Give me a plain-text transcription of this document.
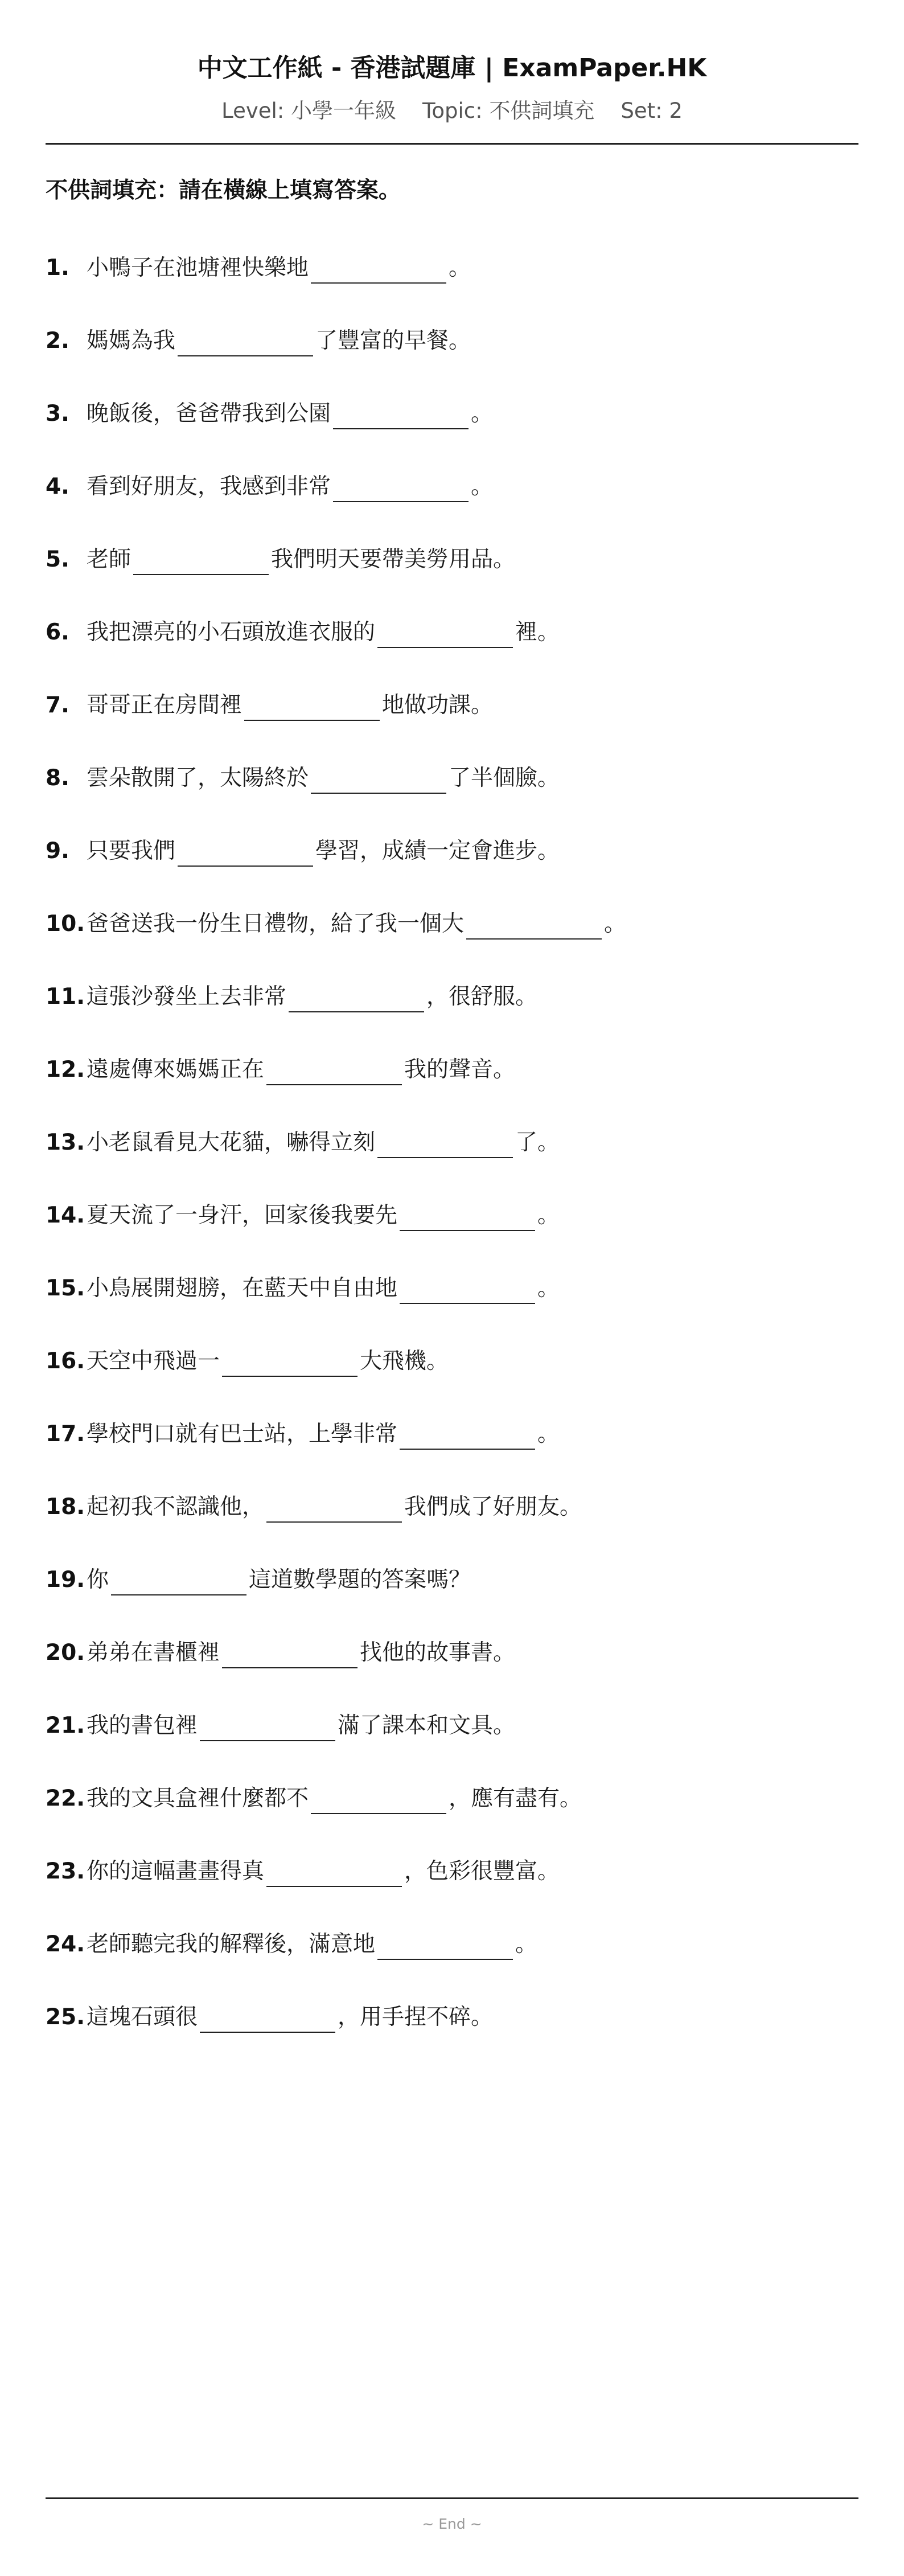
中文工作紙 - 香港試題庫 | ExamPaper.HK
Level: 小學一年級 Topic: 不供詞填充 Set: 2
不供詞填充：請在橫線上填寫答案。
1. 小鴨子在池塘裡快樂地	。
2. 媽媽為我	了豐富的早餐。
3. 晚飯後，爸爸帶我到公園	。
4. 看到好朋友，我感到非常	。
5. 老師	我們明天要帶美勞用品。
6. 我把漂亮的小石頭放進衣服的	裡。
7. 哥哥正在房間裡	地做功課。
8. 雲朵散開了，太陽終於	了半個臉。
9. 只要我們	學習，成績一定會進步。
10. 爸爸送我一份生日禮物，給了我一個大	。
11. 這張沙發坐上去非常	，很舒服。
12. 遠處傳來媽媽正在	我的聲音。
13. 小老鼠看見大花貓，嚇得立刻	了。
14. 夏天流了一身汗，回家後我要先	。
15. 小鳥展開翅膀，在藍天中自由地	。
16. 天空中飛過一	大飛機。
17. 學校門口就有巴士站，上學非常	。
18. 起初我不認識他，	我們成了好朋友。
19. 你	這道數學題的答案嗎？
20. 弟弟在書櫃裡	找他的故事書。
21. 我的書包裡	滿了課本和文具。
22. 我的文具盒裡什麼都不	，應有盡有。
23. 你的這幅畫畫得真	，色彩很豐富。
24. 老師聽完我的解釋後，滿意地	。
25. 這塊石頭很	，用手捏不碎。
~ End ~
